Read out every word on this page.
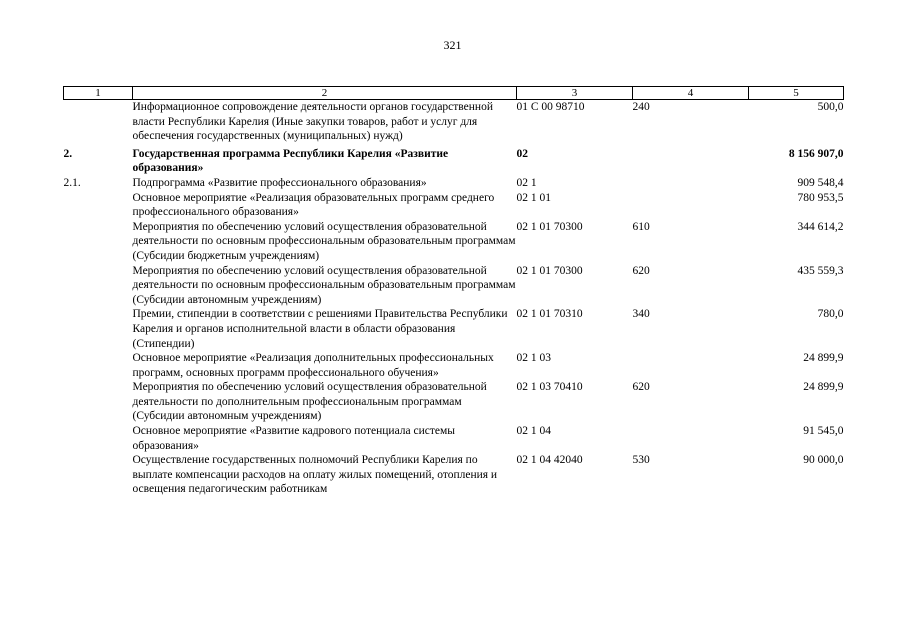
321
1	2	3	4	5
	Информационное сопровождение деятельности органов государственной власти Республики Карелия (Иные закупки товаров, работ и услуг для обеспечения государственных (муниципальных) нужд)	01 С 00 98710	240	500,0
2.	Государственная программа Республики Карелия «Развитие образования»	02		8 156 907,0
2.1.	Подпрограмма «Развитие профессионального образования»	02 1		909 548,4
	Основное мероприятие «Реализация образовательных программ среднего профессионального образования»	02 1 01		780 953,5
	Мероприятия по обеспечению условий осуществления образовательной деятельности по основным профессиональным образовательным программам (Субсидии бюджетным учреждениям)	02 1 01 70300	610	344 614,2
	Мероприятия по обеспечению условий осуществления образовательной деятельности по основным профессиональным образовательным программам (Субсидии автономным учреждениям)	02 1 01 70300	620	435 559,3
	Премии, стипендии в соответствии с решениями Правительства Республики Карелия и органов исполнительной власти в области образования (Стипендии)	02 1 01 70310	340	780,0
	Основное мероприятие «Реализация дополнительных профессиональных программ, основных программ профессионального обучения»	02 1 03		24 899,9
	Мероприятия по обеспечению условий осуществления образовательной деятельности по дополнительным профессиональным программам (Субсидии автономным учреждениям)	02 1 03 70410	620	24 899,9
	Основное мероприятие «Развитие кадрового потенциала системы образования»	02 1 04		91 545,0
	Осуществление государственных полномочий Республики Карелия по выплате компенсации расходов на оплату жилых помещений, отопления и освещения педагогическим работникам	02 1 04 42040	530	90 000,0
